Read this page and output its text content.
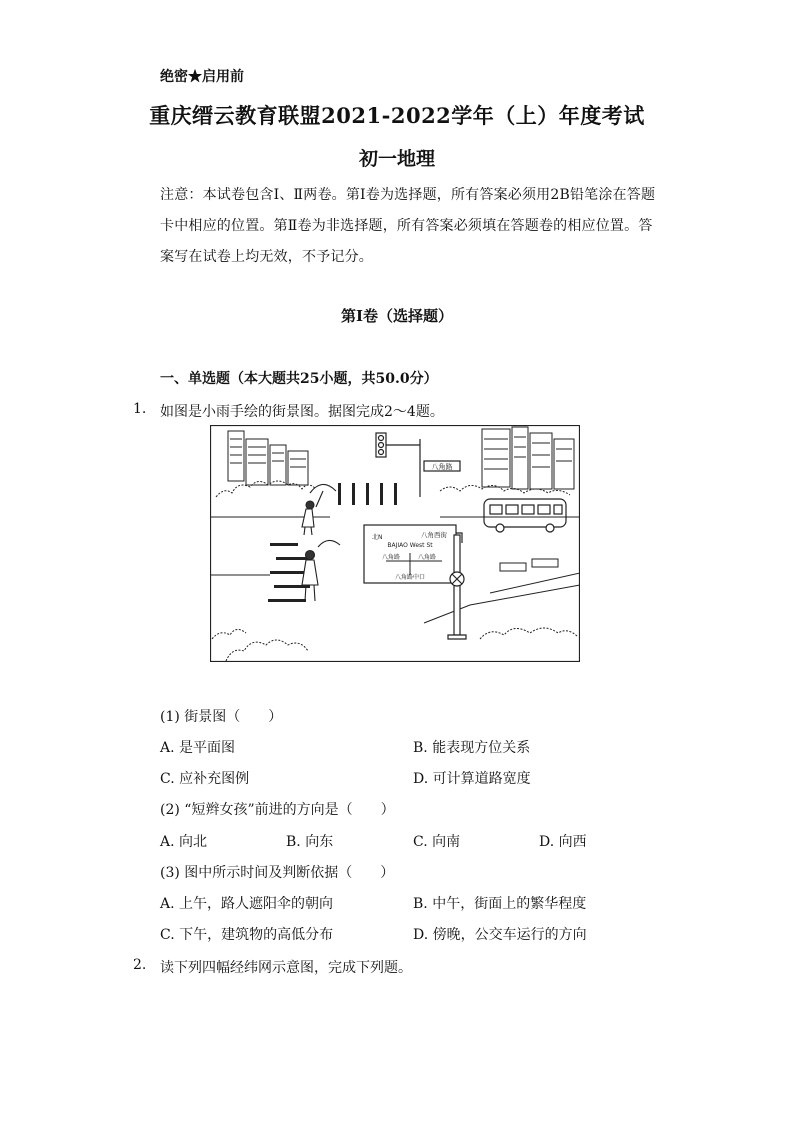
绝密★启用前
重庆缙云教育联盟2021-2022学年（上）年度考试
初一地理
注意：本试卷包含Ⅰ、Ⅱ两卷。第Ⅰ卷为选择题，所有答案必须用2B铅笔涂在答题卡中相应的位置。第Ⅱ卷为非选择题，所有答案必须填在答题卷的相应位置。答案写在试卷上均无效，不予记分。
第Ⅰ卷（选择题）
一、单选题（本大题共25小题，共50.0分）
1. 如图是小雨手绘的街景图。据图完成2～4题。
八角路
北N	八角西街
BAJIAO West St
八角路	八角路
八角路中口
(1) 街景图（　　）
A. 是平面图	B. 能表现方位关系
C. 应补充图例	D. 可计算道路宽度
(2) “短辫女孩”前进的方向是（　　）
A. 向北	B. 向东	C. 向南	D. 向西
(3) 图中所示时间及判断依据（　　）
A. 上午，路人遮阳伞的朝向	B. 中午，街面上的繁华程度
C. 下午，建筑物的高低分布	D. 傍晚，公交车运行的方向
2. 读下列四幅经纬网示意图，完成下列题。
